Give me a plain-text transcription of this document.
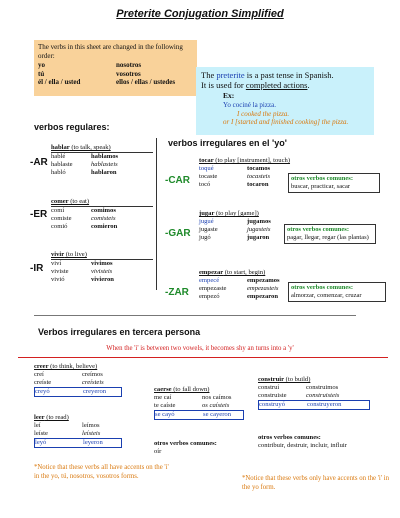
Preterite Conjugation Simplified
The verbs in this sheet are changed in the following order:
yo	nosotros
tú	vosotros
él / ella / usted	ellos / ellas / ustedes
The preterite is a past tense in Spanish.
It is used for completed actions.
Ex:
Yo cociné la pizza.
I cooked the pizza.
or I [started and finished cooking] the pizza.
verbos regulares:
hablar (to talk, speak)
hablé	hablamos
hablaste	hablasteis
habló	hablaron
-AR
comer (to eat)
comí	comimos
comiste	comisteis
comió	comieron
-ER
vivir (to live)
viví	vivimos
viviste	vivisteis
vivió	vivieron
-IR
verbos irregulares en el 'yo'
tocar (to play [instrument], touch)
toqué	tocamos
tocaste	tocasteis
tocó	tocaron
-CAR	otros verbos comunes:
buscar, practicar, sacar
jugar (to play [game])
jugué	jugamos
jugaste	jugasteis
jugó	jugaron
-GAR	otros verbos comunes:
pagar, llegar, regar (las plantas)
empezar (to start, begin)
empecé	empezamos
empezaste	empezasteis
empezó	empezaron
-ZAR	otros verbos comunes:
almorzar, comenzar, cruzar
Verbos irregulares en tercera persona
When the 'i' is between two vowels, it becomes shy an turns into a 'y'
creer (to think, believe)
creí	creímos
creíste	creísteis
creyó	creyeron
leer (to read)
leí	leímos
leíste	leísteis
leyó	leyeron
caerse (to fall down)
me caí	nos caímos
te caíste	os caísteis
se cayó	se cayeron
otros verbos comunes:
oír
construir (to build)
construí	construimos
construiste	construisteis
construyó	construyeron
otros verbos comunes:
contribuir, destruir, incluir, influir
*Notice that these verbs all have accents on the 'i' in the yo, tú, nosotros, vosotros forms.	*Notice that these verbs only have accents on the 'i' in the yo form.
